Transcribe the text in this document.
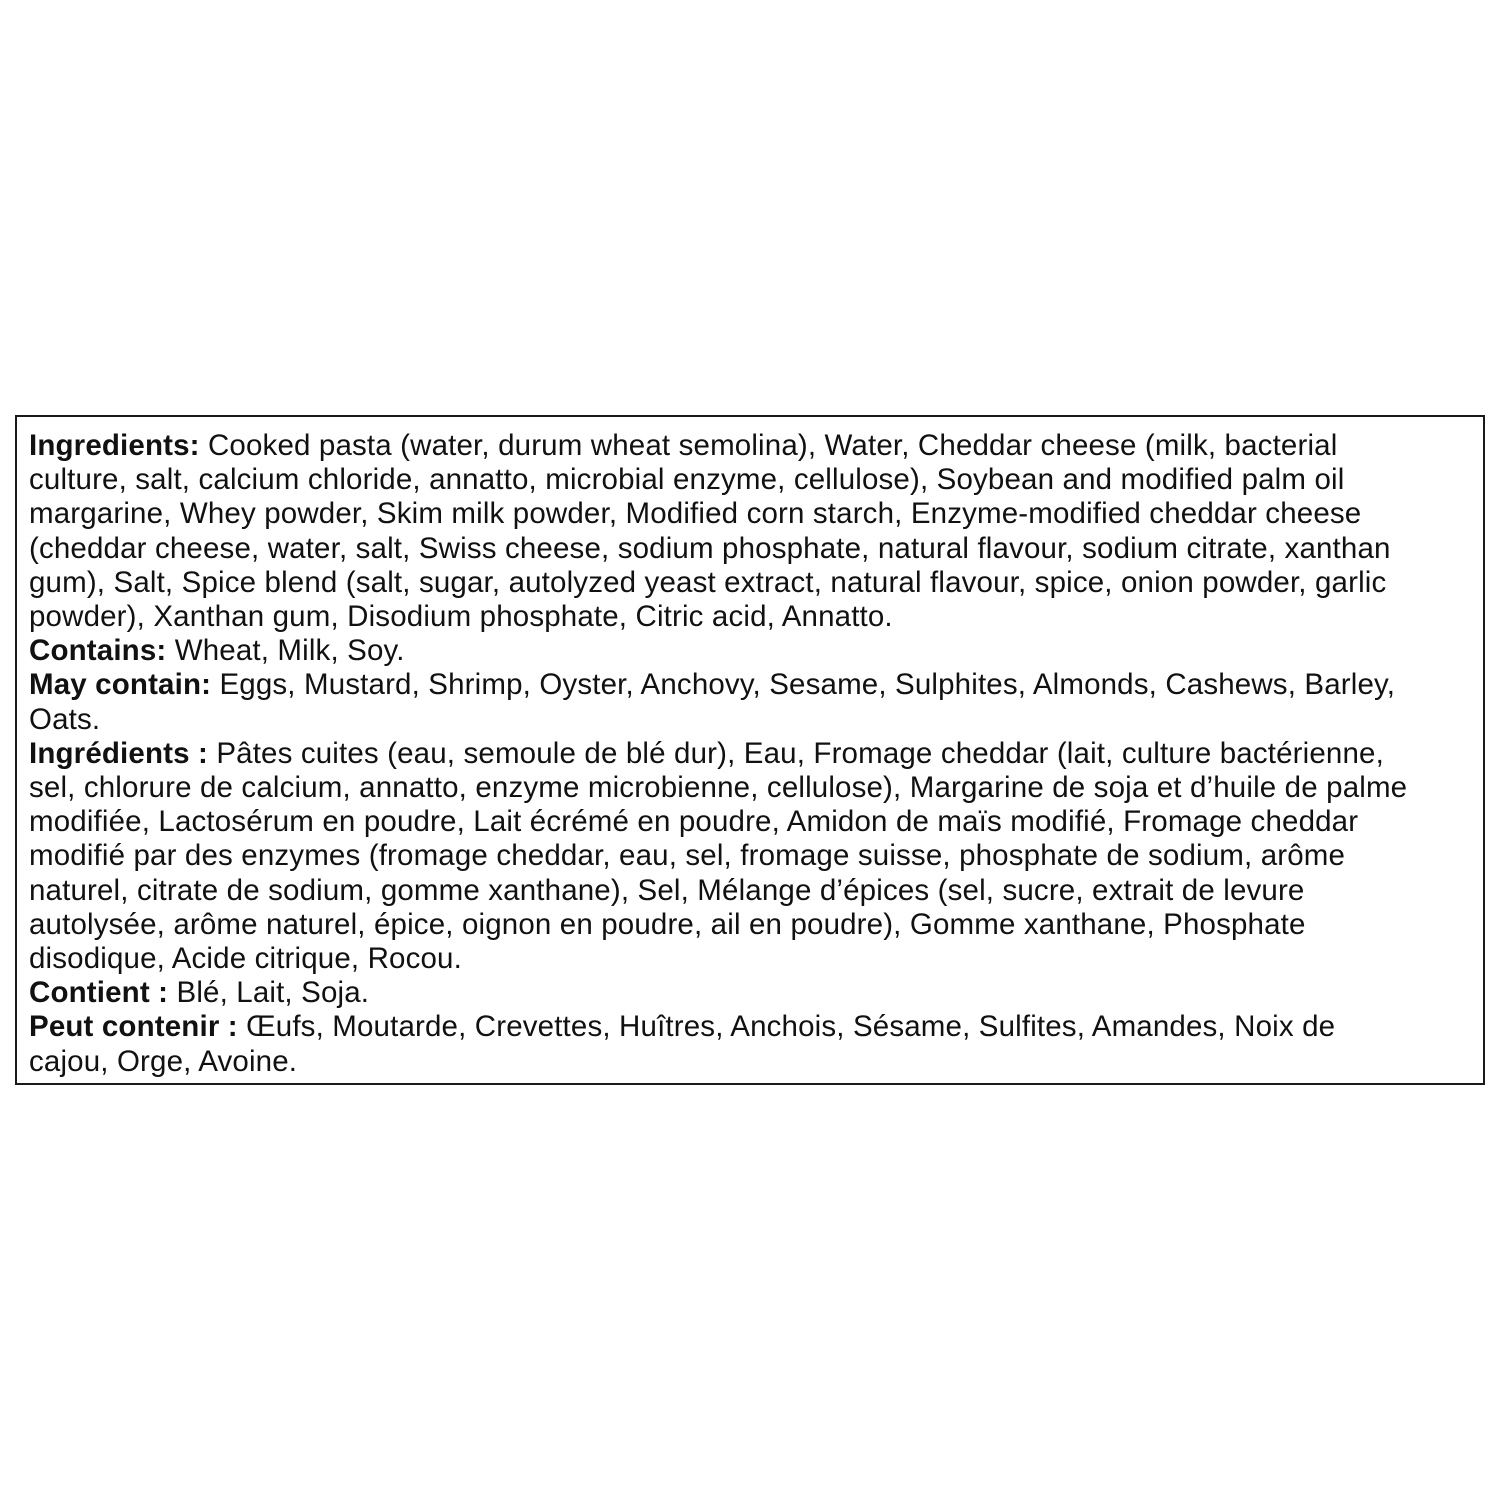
Ingredients: Cooked pasta (water, durum wheat semolina), Water, Cheddar cheese (milk, bacterial
culture, salt, calcium chloride, annatto, microbial enzyme, cellulose), Soybean and modified palm oil
margarine, Whey powder, Skim milk powder, Modified corn starch, Enzyme-modified cheddar cheese
(cheddar cheese, water, salt, Swiss cheese, sodium phosphate, natural flavour, sodium citrate, xanthan
gum), Salt, Spice blend (salt, sugar, autolyzed yeast extract, natural flavour, spice, onion powder, garlic
powder), Xanthan gum, Disodium phosphate, Citric acid, Annatto.
Contains: Wheat, Milk, Soy.
May contain: Eggs, Mustard, Shrimp, Oyster, Anchovy, Sesame, Sulphites, Almonds, Cashews, Barley,
Oats.
Ingrédients : Pâtes cuites (eau, semoule de blé dur), Eau, Fromage cheddar (lait, culture bactérienne,
sel, chlorure de calcium, annatto, enzyme microbienne, cellulose), Margarine de soja et d’huile de palme
modifiée, Lactosérum en poudre, Lait écrémé en poudre, Amidon de maïs modifié, Fromage cheddar
modifié par des enzymes (fromage cheddar, eau, sel, fromage suisse, phosphate de sodium, arôme
naturel, citrate de sodium, gomme xanthane), Sel, Mélange d’épices (sel, sucre, extrait de levure
autolysée, arôme naturel, épice, oignon en poudre, ail en poudre), Gomme xanthane, Phosphate
disodique, Acide citrique, Rocou.
Contient : Blé, Lait, Soja.
Peut contenir : Œufs, Moutarde, Crevettes, Huîtres, Anchois, Sésame, Sulfites, Amandes, Noix de
cajou, Orge, Avoine.
